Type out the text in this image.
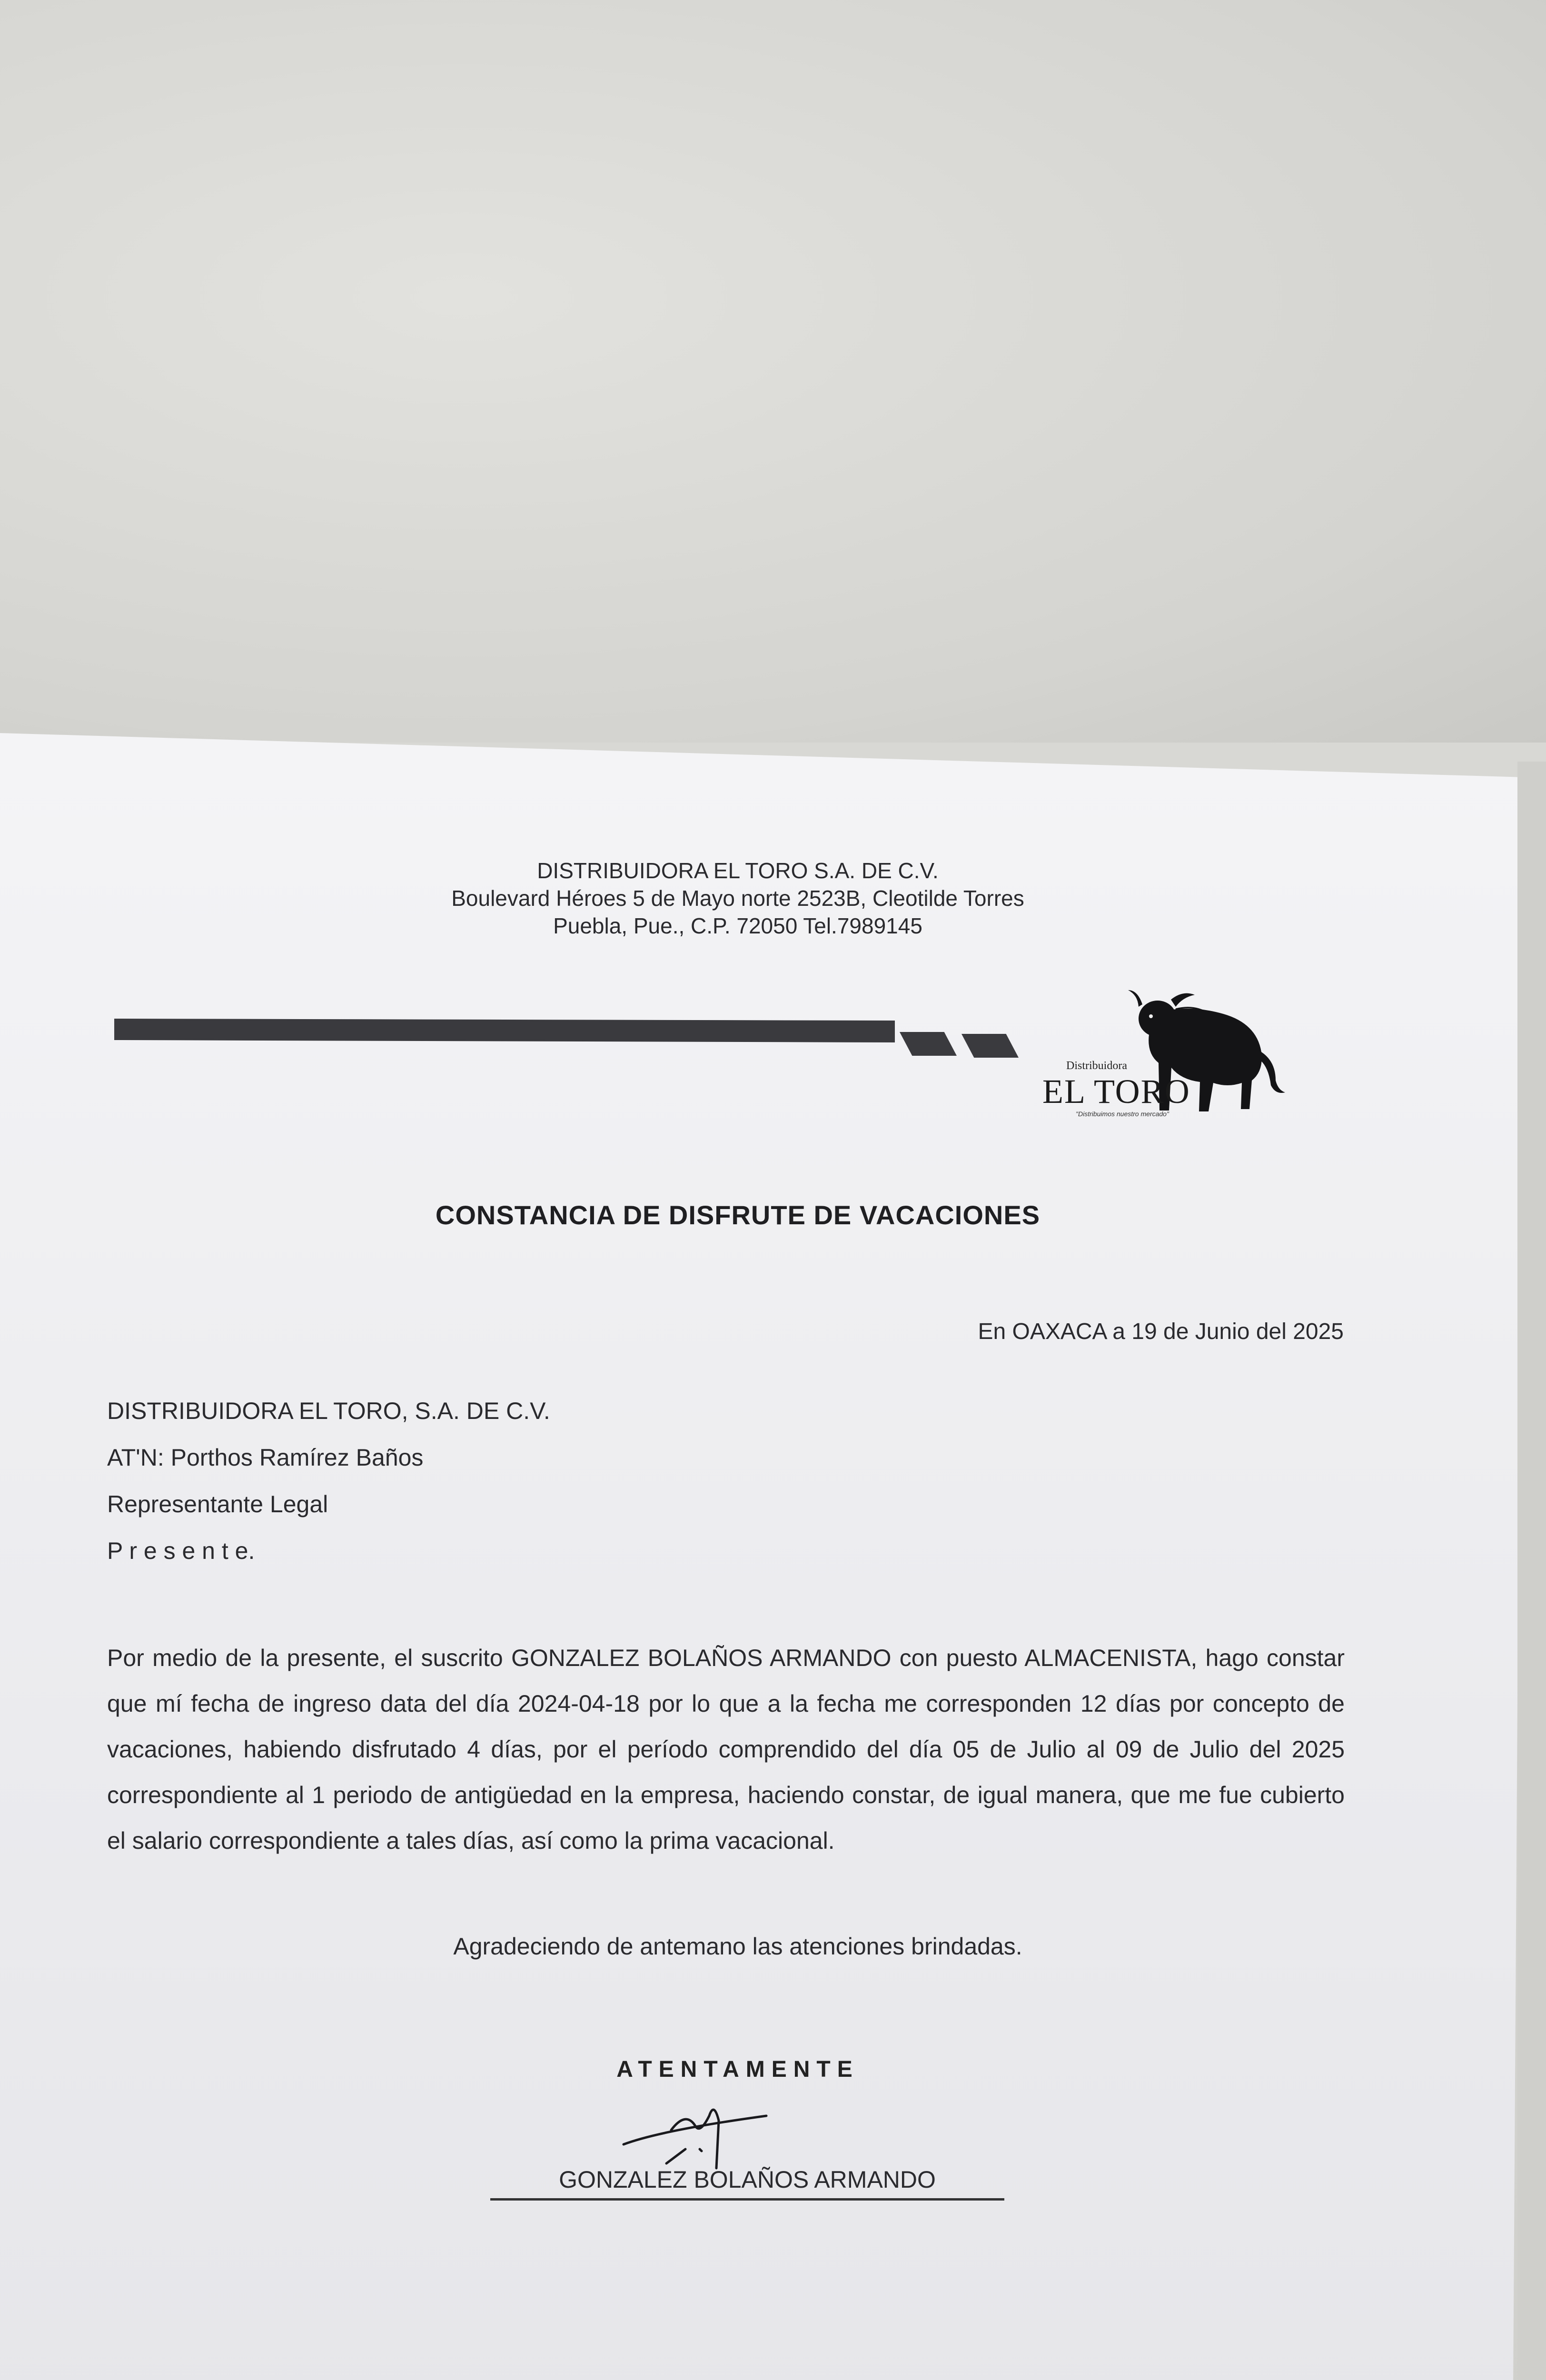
DISTRIBUIDORA EL TORO S.A. DE C.V.
Boulevard Héroes 5 de Mayo norte 2523B, Cleotilde Torres
Puebla, Pue., C.P. 72050 Tel.7989145
Distribuidora
EL TORO
"Distribuimos nuestro mercado"
CONSTANCIA DE DISFRUTE DE VACACIONES
En OAXACA a 19 de Junio del 2025
DISTRIBUIDORA EL TORO, S.A. DE C.V.
AT'N: Porthos Ramírez Baños
Representante Legal
P r e s e n t e.
Por medio de la presente, el suscrito GONZALEZ BOLAÑOS ARMANDO con puesto ALMACENISTA, hago constar que mí fecha de ingreso data del día 2024-04-18 por lo que a la fecha me corresponden 12 días por concepto de vacaciones, habiendo disfrutado 4 días, por el período comprendido del día 05 de Julio al 09 de Julio del 2025 correspondiente al 1 periodo de antigüedad en la empresa, haciendo constar, de igual manera, que me fue cubierto el salario correspondiente a tales días, así como la prima vacacional.
Agradeciendo de antemano las atenciones brindadas.
ATENTAMENTE
GONZALEZ BOLAÑOS ARMANDO
